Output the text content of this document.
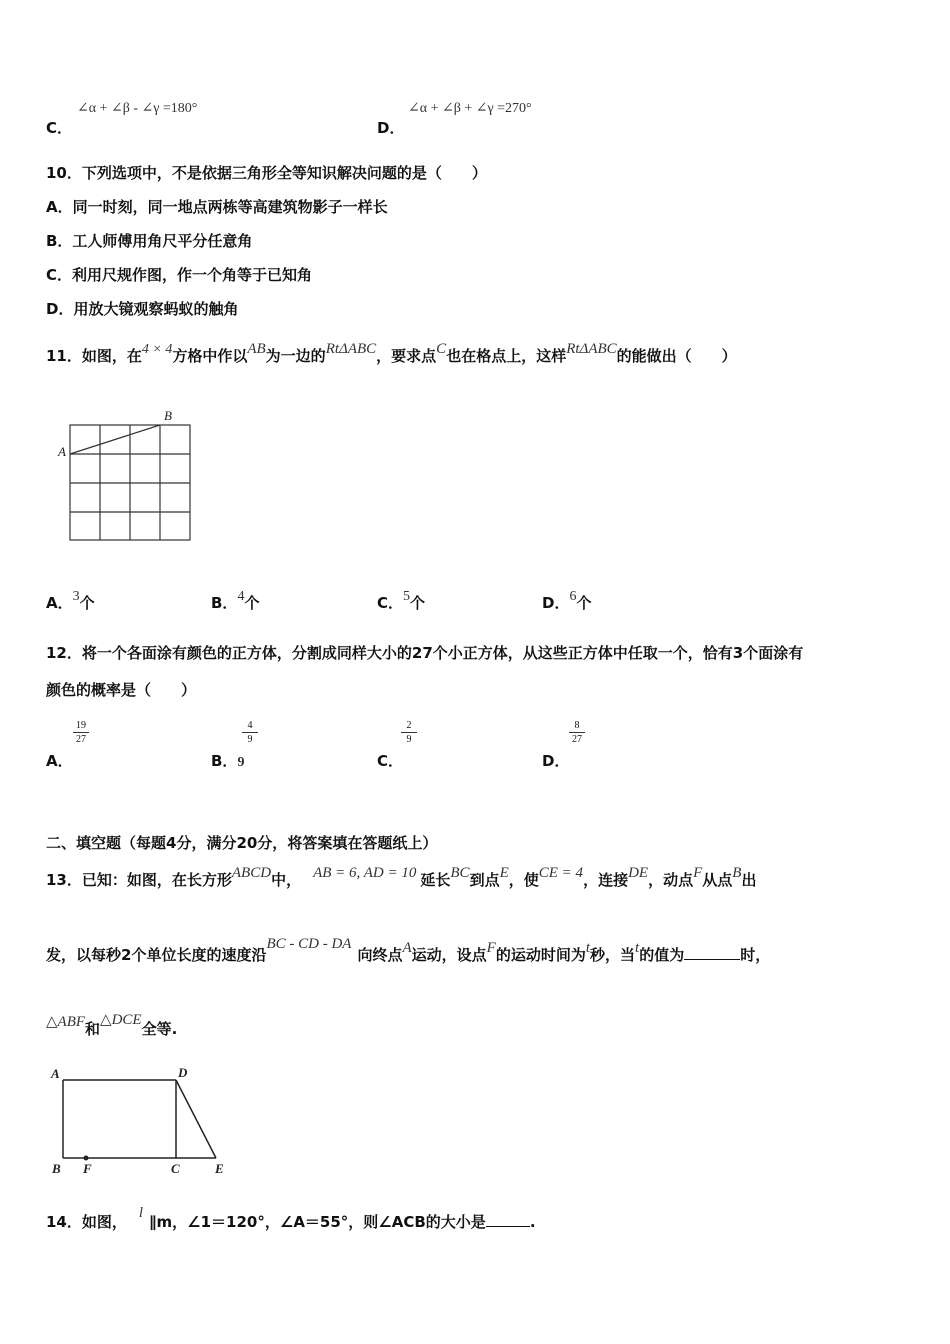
∠α + ∠β - ∠γ =180°
C．
∠α + ∠β + ∠γ =270°
D．
10．下列选项中，不是依据三角形全等知识解决问题的是（　　）
A．同一时刻，同一地点两栋等高建筑物影子一样长
B．工人师傅用角尺平分任意角
C．利用尺规作图，作一个角等于已知角
D．用放大镜观察蚂蚁的触角
11．如图，在4 × 4方格中作以AB为一边的RtΔABC，要求点C也在格点上，这样RtΔABC的能做出（　　）
A
B
A．3个	B．4个	C．5个	D．6个
12．将一个各面涂有颜色的正方体，分割成同样大小的27个小正方体，从这些正方体中任取一个，恰有3个面涂有
颜色的概率是（　　）
A．
19
27
B．9
4
9
C．
2
9
D．
8
27
二、填空题（每题4分，满分20分，将答案填在答题纸上）
13．已知：如图，在长方形ABCD中， AB = 6, AD = 10 延长BC到点E，使CE = 4，连接DE，动点F从点B出
发，以每秒2个单位长度的速度沿BC - CD - DA向终点A运动，设点F的运动时间为t秒，当t的值为	时，
△ABF和△DCE全等.
A	D
B F	C	E
14．如图， l ∥m，∠1＝120°，∠A＝55°，则∠ACB的大小是	.
